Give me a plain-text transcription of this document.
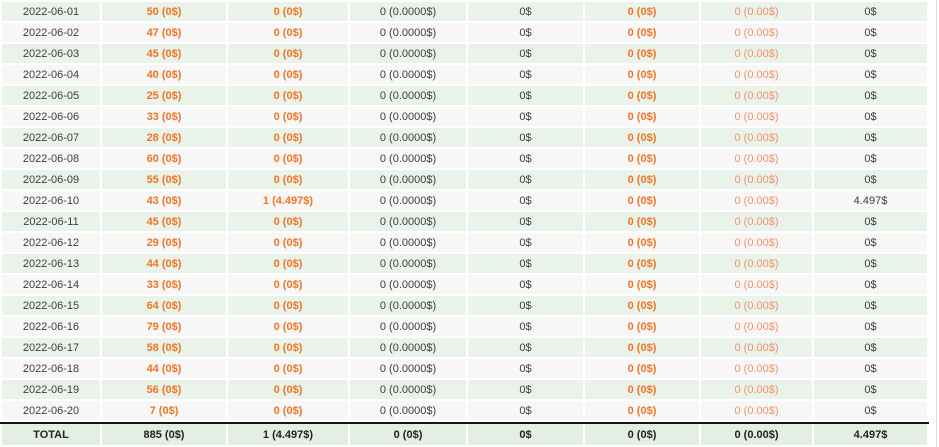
2022-06-01	50 (0$)	0 (0$)	0 (0.0000$)	0$	0 (0$)	0 (0.00$)	0$
2022-06-02	47 (0$)	0 (0$)	0 (0.0000$)	0$	0 (0$)	0 (0.00$)	0$
2022-06-03	45 (0$)	0 (0$)	0 (0.0000$)	0$	0 (0$)	0 (0.00$)	0$
2022-06-04	40 (0$)	0 (0$)	0 (0.0000$)	0$	0 (0$)	0 (0.00$)	0$
2022-06-05	25 (0$)	0 (0$)	0 (0.0000$)	0$	0 (0$)	0 (0.00$)	0$
2022-06-06	33 (0$)	0 (0$)	0 (0.0000$)	0$	0 (0$)	0 (0.00$)	0$
2022-06-07	28 (0$)	0 (0$)	0 (0.0000$)	0$	0 (0$)	0 (0.00$)	0$
2022-06-08	60 (0$)	0 (0$)	0 (0.0000$)	0$	0 (0$)	0 (0.00$)	0$
2022-06-09	55 (0$)	0 (0$)	0 (0.0000$)	0$	0 (0$)	0 (0.00$)	0$
2022-06-10	43 (0$)	1 (4.497$)	0 (0.0000$)	0$	0 (0$)	0 (0.00$)	4.497$
2022-06-11	45 (0$)	0 (0$)	0 (0.0000$)	0$	0 (0$)	0 (0.00$)	0$
2022-06-12	29 (0$)	0 (0$)	0 (0.0000$)	0$	0 (0$)	0 (0.00$)	0$
2022-06-13	44 (0$)	0 (0$)	0 (0.0000$)	0$	0 (0$)	0 (0.00$)	0$
2022-06-14	33 (0$)	0 (0$)	0 (0.0000$)	0$	0 (0$)	0 (0.00$)	0$
2022-06-15	64 (0$)	0 (0$)	0 (0.0000$)	0$	0 (0$)	0 (0.00$)	0$
2022-06-16	79 (0$)	0 (0$)	0 (0.0000$)	0$	0 (0$)	0 (0.00$)	0$
2022-06-17	58 (0$)	0 (0$)	0 (0.0000$)	0$	0 (0$)	0 (0.00$)	0$
2022-06-18	44 (0$)	0 (0$)	0 (0.0000$)	0$	0 (0$)	0 (0.00$)	0$
2022-06-19	56 (0$)	0 (0$)	0 (0.0000$)	0$	0 (0$)	0 (0.00$)	0$
2022-06-20	7 (0$)	0 (0$)	0 (0.0000$)	0$	0 (0$)	0 (0.00$)	0$
TOTAL	885 (0$)	1 (4.497$)	0 (0$)	0$	0 (0$)	0 (0.00$)	4.497$
